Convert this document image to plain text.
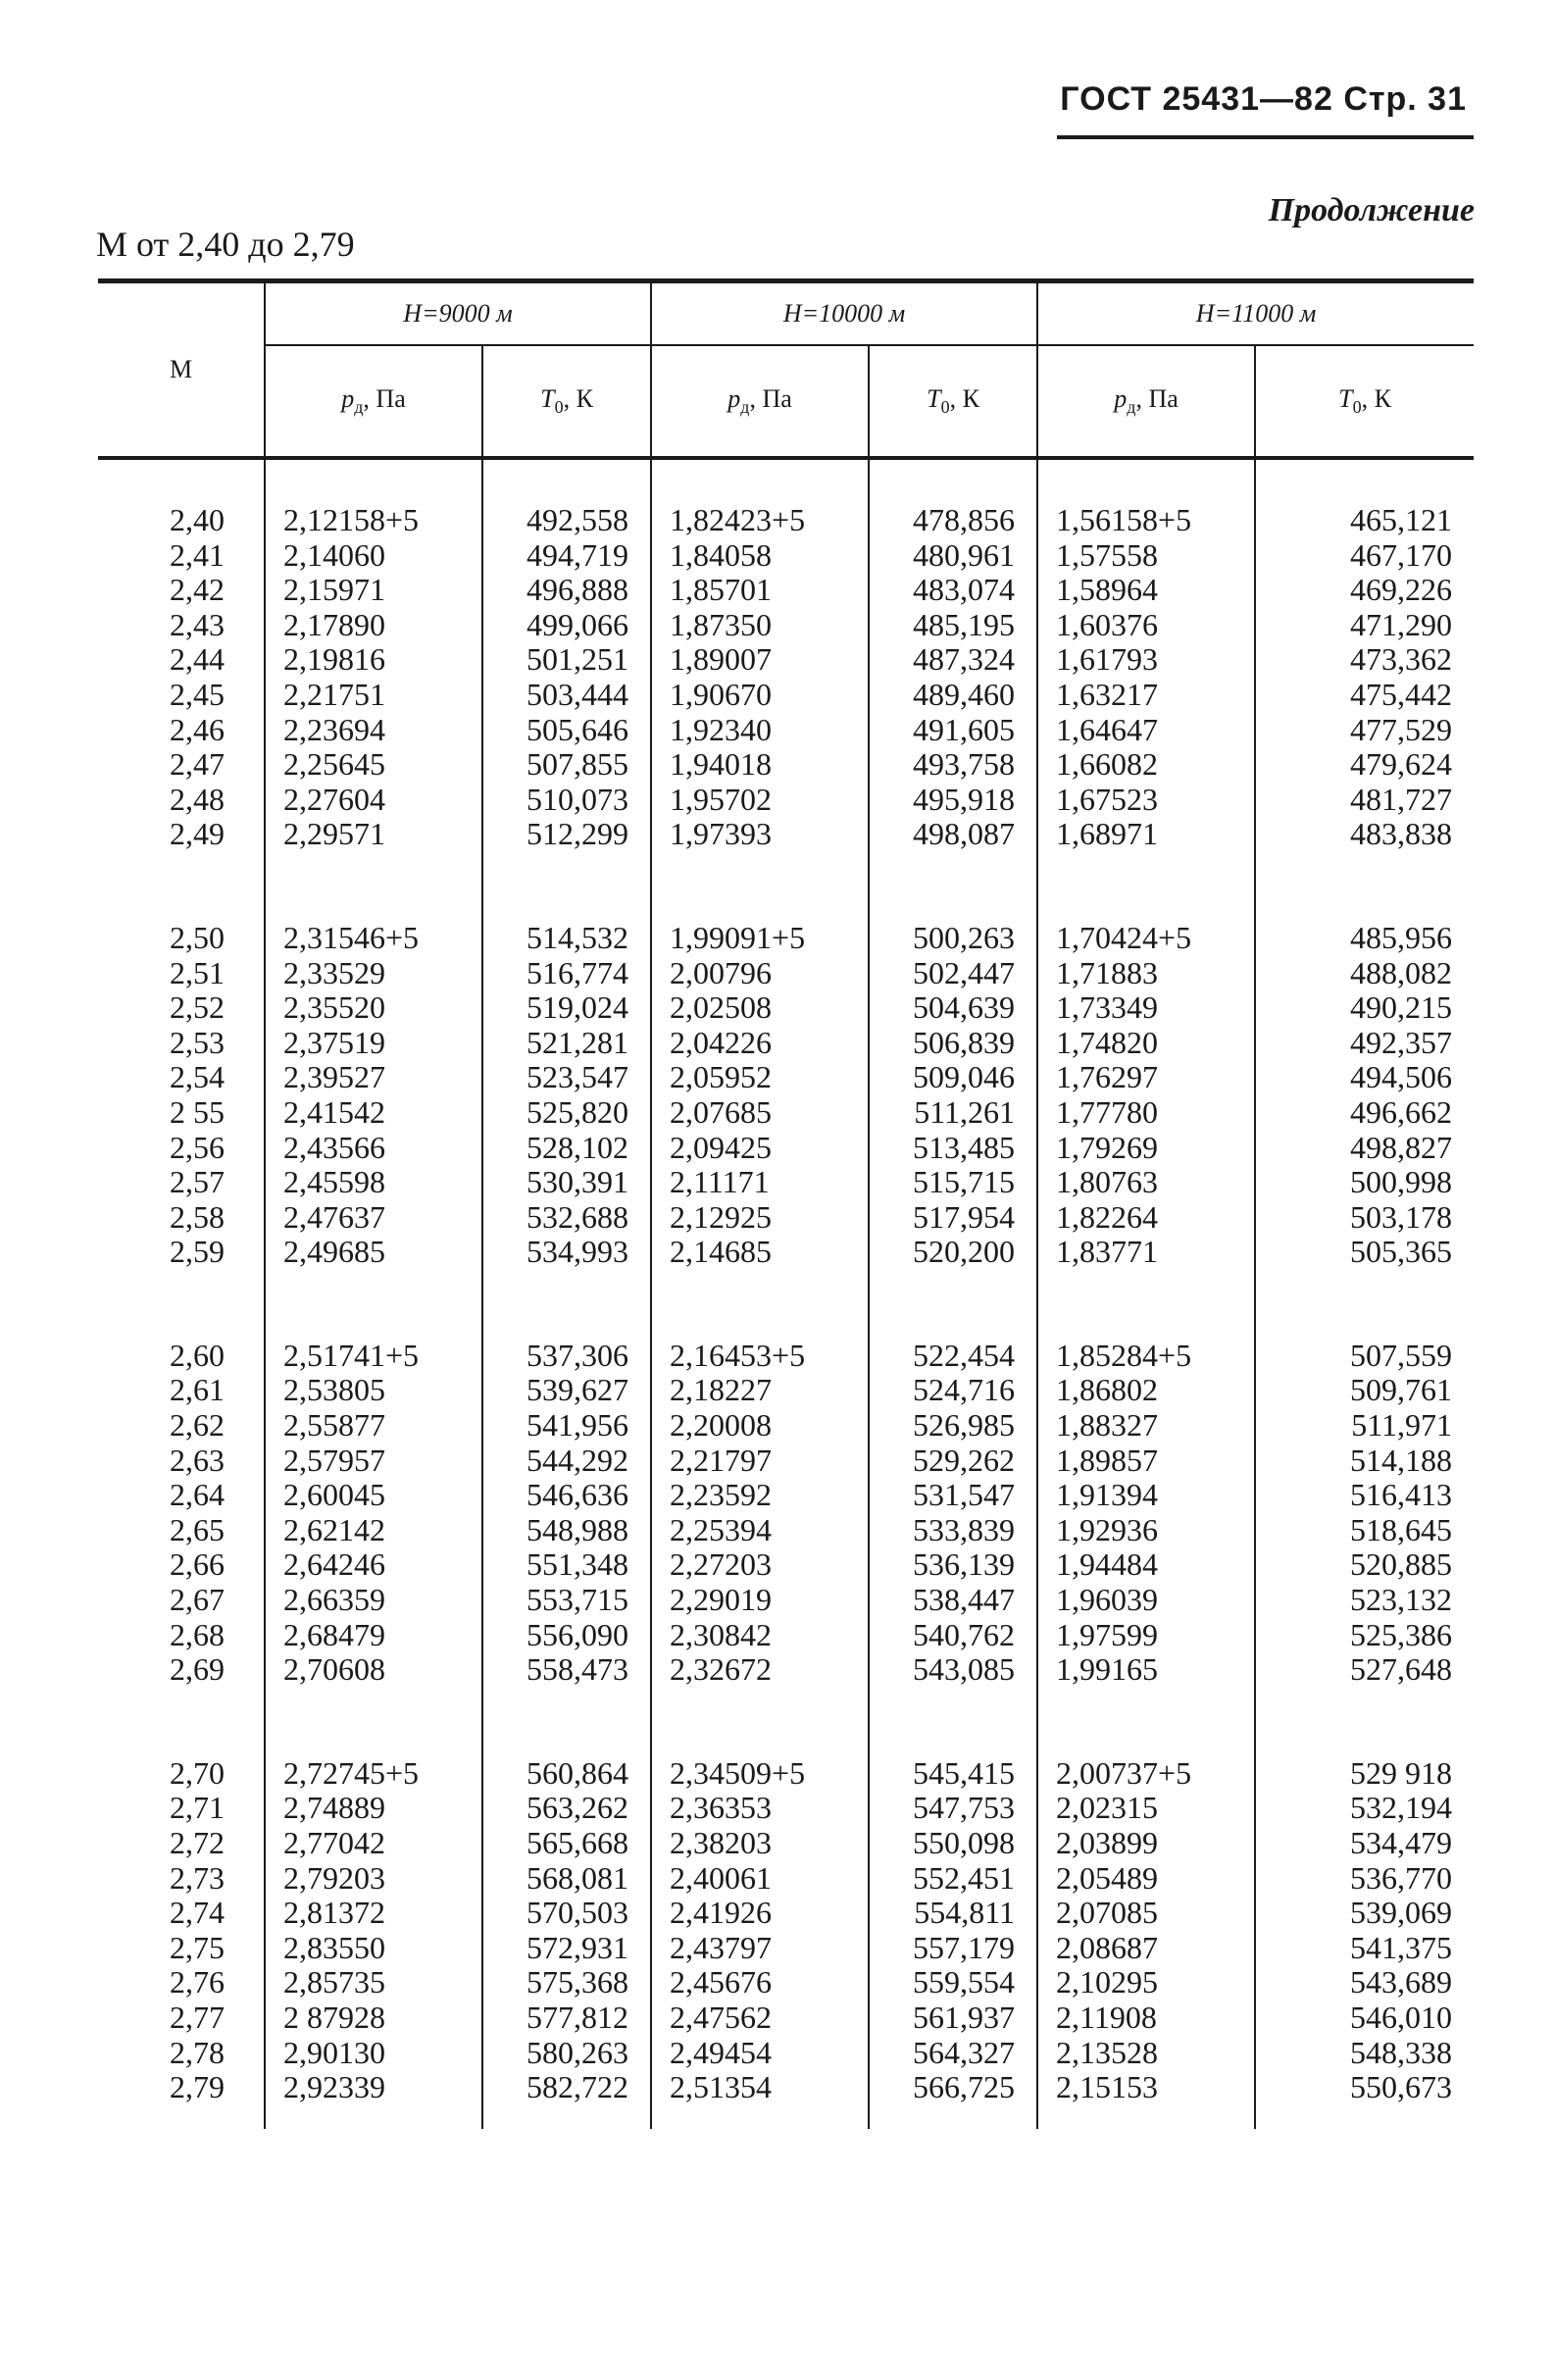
ГОСТ 25431—82 Стр. 31
Продолжение
М от 2,40 до 2,79
М	H=9000 м		H=10000 м		H=11000 м	
	$p_д$, Па	$T_0$, К	$p_д$, Па	$T_0$, К	$p_д$, Па	$T_0$, К

2,40	2,12158+5	492,558	1,82423+5	478,856	1,56158+5	465,121
2,41	2,14060	494,719	1,84058	480,961	1,57558	467,170
2,42	2,15971	496,888	1,85701	483,074	1,58964	469,226
2,43	2,17890	499,066	1,87350	485,195	1,60376	471,290
2,44	2,19816	501,251	1,89007	487,324	1,61793	473,362
2,45	2,21751	503,444	1,90670	489,460	1,63217	475,442
2,46	2,23694	505,646	1,92340	491,605	1,64647	477,529
2,47	2,25645	507,855	1,94018	493,758	1,66082	479,624
2,48	2,27604	510,073	1,95702	495,918	1,67523	481,727
2,49	2,29571	512,299	1,97393	498,087	1,68971	483,838

2,50	2,31546+5	514,532	1,99091+5	500,263	1,70424+5	485,956
2,51	2,33529	516,774	2,00796	502,447	1,71883	488,082
2,52	2,35520	519,024	2,02508	504,639	1,73349	490,215
2,53	2,37519	521,281	2,04226	506,839	1,74820	492,357
2,54	2,39527	523,547	2,05952	509,046	1,76297	494,506
2 55	2,41542	525,820	2,07685	511,261	1,77780	496,662
2,56	2,43566	528,102	2,09425	513,485	1,79269	498,827
2,57	2,45598	530,391	2,11171	515,715	1,80763	500,998
2,58	2,47637	532,688	2,12925	517,954	1,82264	503,178
2,59	2,49685	534,993	2,14685	520,200	1,83771	505,365

2,60	2,51741+5	537,306	2,16453+5	522,454	1,85284+5	507,559
2,61	2,53805	539,627	2,18227	524,716	1,86802	509,761
2,62	2,55877	541,956	2,20008	526,985	1,88327	511,971
2,63	2,57957	544,292	2,21797	529,262	1,89857	514,188
2,64	2,60045	546,636	2,23592	531,547	1,91394	516,413
2,65	2,62142	548,988	2,25394	533,839	1,92936	518,645
2,66	2,64246	551,348	2,27203	536,139	1,94484	520,885
2,67	2,66359	553,715	2,29019	538,447	1,96039	523,132
2,68	2,68479	556,090	2,30842	540,762	1,97599	525,386
2,69	2,70608	558,473	2,32672	543,085	1,99165	527,648

2,70	2,72745+5	560,864	2,34509+5	545,415	2,00737+5	529 918
2,71	2,74889	563,262	2,36353	547,753	2,02315	532,194
2,72	2,77042	565,668	2,38203	550,098	2,03899	534,479
2,73	2,79203	568,081	2,40061	552,451	2,05489	536,770
2,74	2,81372	570,503	2,41926	554,811	2,07085	539,069
2,75	2,83550	572,931	2,43797	557,179	2,08687	541,375
2,76	2,85735	575,368	2,45676	559,554	2,10295	543,689
2,77	2 87928	577,812	2,47562	561,937	2,11908	546,010
2,78	2,90130	580,263	2,49454	564,327	2,13528	548,338
2,79	2,92339	582,722	2,51354	566,725	2,15153	550,673
